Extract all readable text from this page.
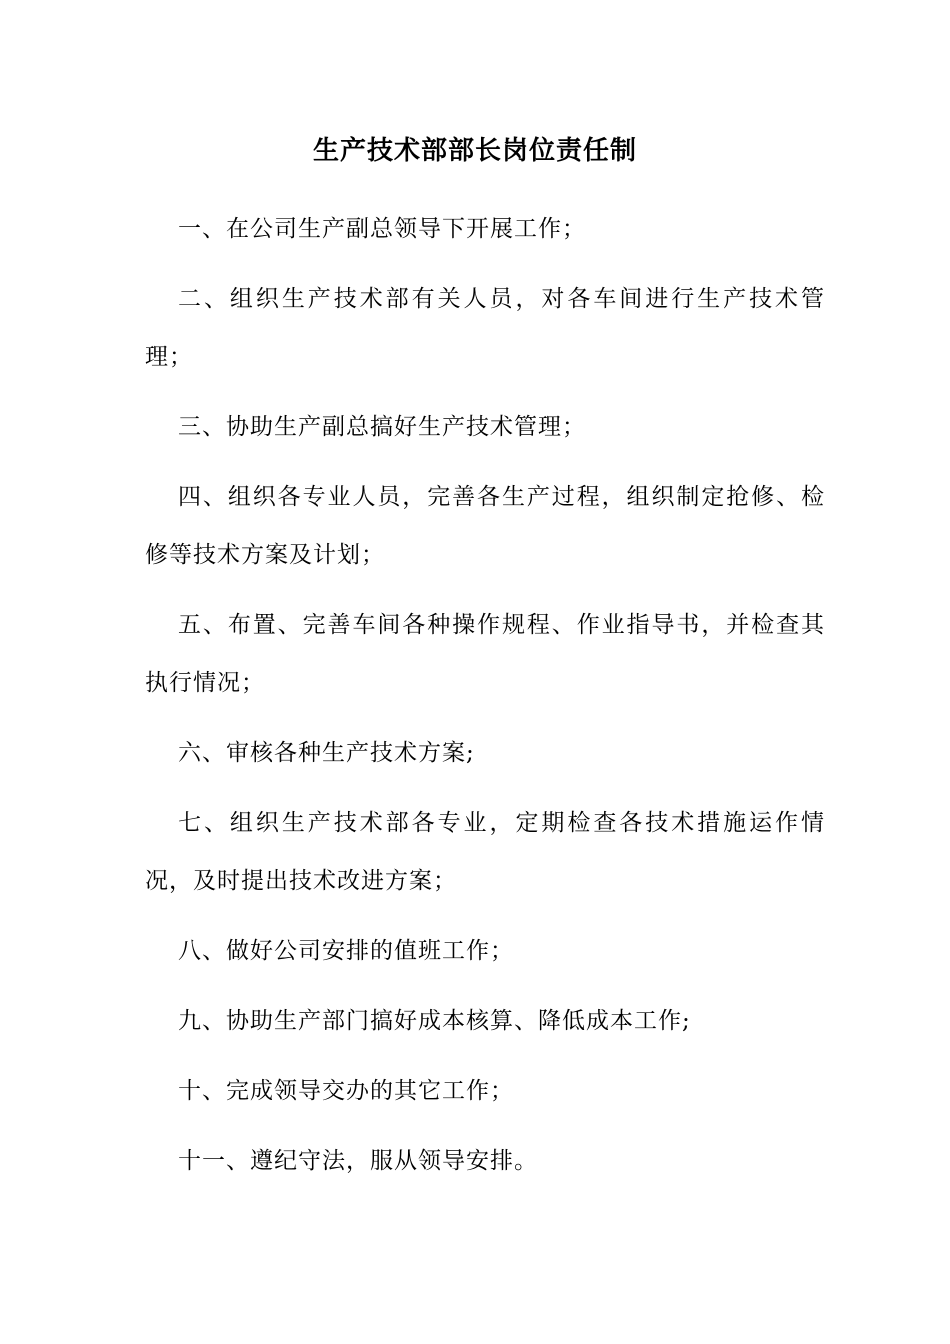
生产技术部部长岗位责任制

一、在公司生产副总领导下开展工作；

二、组织生产技术部有关人员，对各车间进行生产技术管理；

三、协助生产副总搞好生产技术管理；

四、组织各专业人员，完善各生产过程，组织制定抢修、检修等技术方案及计划；

五、布置、完善车间各种操作规程、作业指导书，并检查其执行情况；

六、审核各种生产技术方案;

七、组织生产技术部各专业，定期检查各技术措施运作情况，及时提出技术改进方案；

八、做好公司安排的值班工作；

九、协助生产部门搞好成本核算、降低成本工作;

十、完成领导交办的其它工作；

十一、遵纪守法，服从领导安排。
